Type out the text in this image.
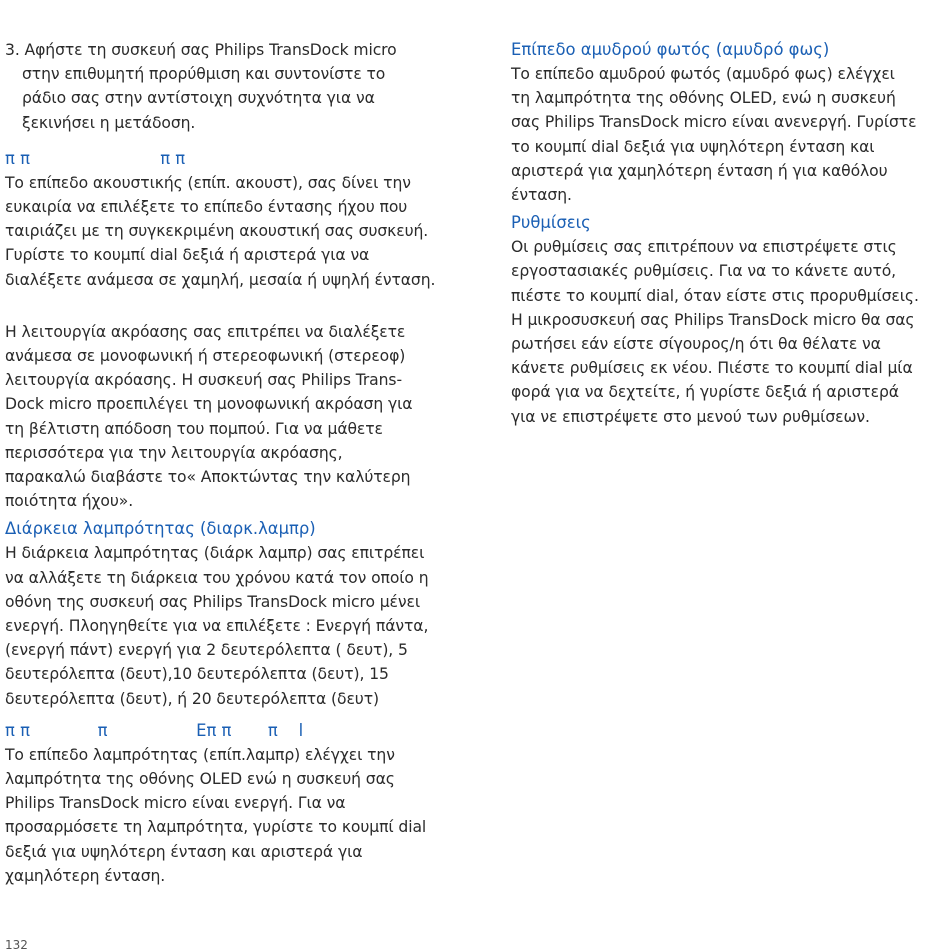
3. Αφήστε τη συσκευή σας Philips TransDock micro
στην επιθυμητή προρύθμιση και συντονίστε το
ράδιο σας στην αντίστοιχη συχνότητα για να
ξεκινήσει η μετάδοση.

π π                         π π

Το επίπεδο ακουστικής (επίπ. ακουστ), σας δίνει την
ευκαιρία να επιλέξετε το επίπεδο έντασης ήχου που
ταιριάζει με τη συγκεκριμένη ακουστική σας συσκευή.
Γυρίστε το κουμπί dial δεξιά ή αριστερά για να
διαλέξετε ανάμεσα σε χαμηλή, μεσαία ή υψηλή ένταση.

Η λειτουργία ακρόασης σας επιτρέπει να διαλέξετε
ανάμεσα σε μονοφωνική ή στερεοφωνική (στερεοφ)
λειτουργία ακρόασης. Η συσκευή σας Philips Trans-
Dock micro προεπιλέγει τη μονοφωνική ακρόαση για
τη βέλτιστη απόδοση του πομπού. Για να μάθετε
περισσότερα για την λειτουργία ακρόασης,
παρακαλώ διαβάστε το« Αποκτώντας την καλύτερη
ποιότητα ήχου».

Διάρκεια λαμπρότητας (διαρκ.λαμπρ)

Η διάρκεια λαμπρότητας (διάρκ λαμπρ) σας επιτρέπει
να αλλάξετε τη διάρκεια του χρόνου κατά τον οποίο η
οθόνη της συσκευή σας Philips TransDock micro μένει
ενεργή. Πλοηγηθείτε για να επιλέξετε : Ενεργή πάντα,
(ενεργή πάντ) ενεργή για 2 δευτερόλεπτα ( δευτ), 5
δευτερόλεπτα (δευτ),10 δευτερόλεπτα (δευτ), 15
δευτερόλεπτα (δευτ), ή 20 δευτερόλεπτα (δευτ)

π π             π                 Επ π       π    l

Το επίπεδο λαμπρότητας (επίπ.λαμπρ) ελέγχει την
λαμπρότητα της οθόνης OLED ενώ η συσκευή σας
Philips TransDock micro είναι ενεργή. Για να
προσαρμόσετε τη λαμπρότητα, γυρίστε το κουμπί dial
δεξιά για υψηλότερη ένταση και αριστερά για
χαμηλότερη ένταση.

Επίπεδο αμυδρού φωτός (αμυδρό φως)

Το επίπεδο αμυδρού φωτός (αμυδρό φως) ελέγχει
τη λαμπρότητα της οθόνης OLED, ενώ η συσκευή
σας Philips TransDock micro είναι ανενεργή. Γυρίστε
το κουμπί dial δεξιά για υψηλότερη ένταση και
αριστερά για χαμηλότερη ένταση ή για καθόλου
ένταση.

Ρυθμίσεις

Οι ρυθμίσεις σας επιτρέπουν να επιστρέψετε στις
εργοστασιακές ρυθμίσεις. Για να το κάνετε αυτό,
πιέστε το κουμπί dial, όταν είστε στις προρυθμίσεις.
Η μικροσυσκευή σας Philips TransDock micro θα σας
ρωτήσει εάν είστε σίγουρος/η ότι θα θέλατε να
κάνετε ρυθμίσεις εκ νέου. Πιέστε το κουμπί dial μία
φορά για να δεχτείτε, ή γυρίστε δεξιά ή αριστερά
για νε επιστρέψετε στο μενού των ρυθμίσεων.

132
